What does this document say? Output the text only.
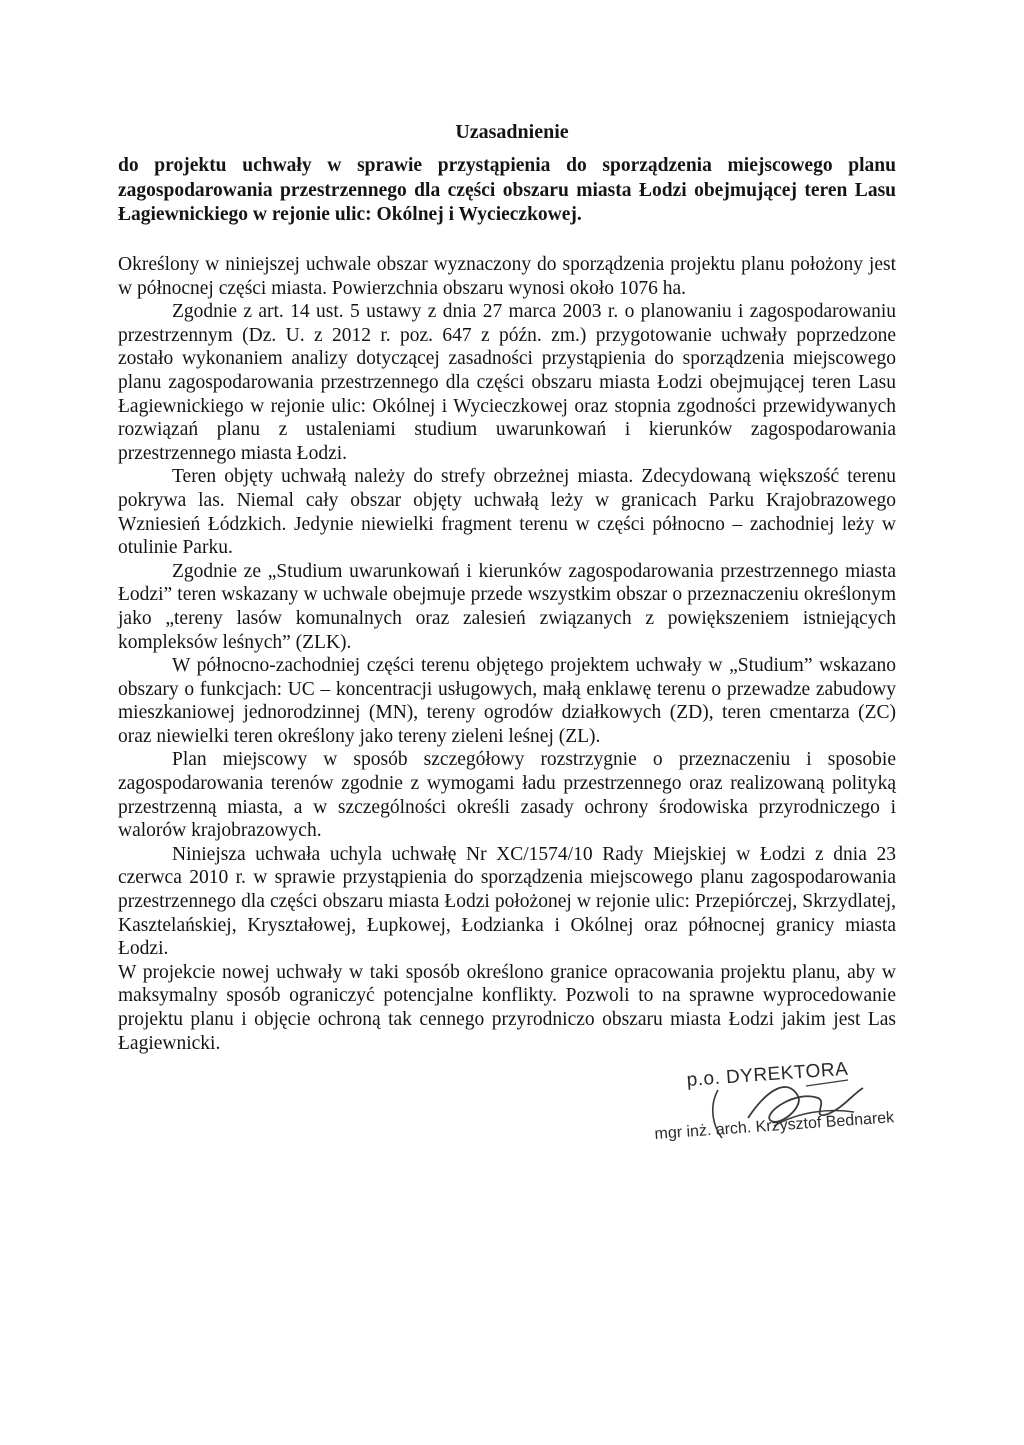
Uzasadnienie
do projektu uchwały w sprawie przystąpienia do sporządzenia miejscowego planu zagospodarowania przestrzennego dla części obszaru miasta Łodzi obejmującej teren Lasu Łagiewnickiego w rejonie ulic: Okólnej i Wycieczkowej.

Określony w niniejszej uchwale obszar wyznaczony do sporządzenia projektu planu położony jest w północnej części miasta. Powierzchnia obszaru wynosi około 1076 ha.

Zgodnie z art. 14 ust. 5 ustawy z dnia 27 marca 2003 r. o planowaniu i zagospodarowaniu przestrzennym (Dz. U. z 2012 r. poz. 647 z późn. zm.) przygotowanie uchwały poprzedzone zostało wykonaniem analizy dotyczącej zasadności przystąpienia do sporządzenia miejscowego planu zagospodarowania przestrzennego dla części obszaru miasta Łodzi obejmującej teren Lasu Łagiewnickiego w rejonie ulic: Okólnej i Wycieczkowej oraz stopnia zgodności przewidywanych rozwiązań planu z ustaleniami studium uwarunkowań i kierunków zagospodarowania przestrzennego miasta Łodzi.

Teren objęty uchwałą należy do strefy obrzeżnej miasta. Zdecydowaną większość terenu pokrywa las. Niemal cały obszar objęty uchwałą leży w granicach Parku Krajobrazowego Wzniesień Łódzkich. Jedynie niewielki fragment terenu w części północno – zachodniej leży w otulinie Parku.

Zgodnie ze „Studium uwarunkowań i kierunków zagospodarowania przestrzennego miasta Łodzi” teren wskazany w uchwale obejmuje przede wszystkim obszar o przeznaczeniu określonym jako „tereny lasów komunalnych oraz zalesień związanych z powiększeniem istniejących kompleksów leśnych” (ZLK).

W północno-zachodniej części terenu objętego projektem uchwały w „Studium” wskazano obszary o funkcjach: UC – koncentracji usługowych, małą enklawę terenu o przewadze zabudowy mieszkaniowej jednorodzinnej (MN), tereny ogrodów działkowych (ZD), teren cmentarza (ZC) oraz niewielki teren określony jako tereny zieleni leśnej (ZL).

Plan miejscowy w sposób szczegółowy rozstrzygnie o przeznaczeniu i sposobie zagospodarowania terenów zgodnie z wymogami ładu przestrzennego oraz realizowaną polityką przestrzenną miasta, a w szczególności określi zasady ochrony środowiska przyrodniczego i walorów krajobrazowych.

Niniejsza uchwała uchyla uchwałę Nr XC/1574/10 Rady Miejskiej w Łodzi z dnia 23 czerwca 2010 r. w sprawie przystąpienia do sporządzenia miejscowego planu zagospodarowania przestrzennego dla części obszaru miasta Łodzi położonej w rejonie ulic: Przepiórczej, Skrzydlatej, Kasztelańskiej, Kryształowej, Łupkowej, Łodzianka i Okólnej oraz północnej granicy miasta Łodzi.

W projekcie nowej uchwały w taki sposób określono granice opracowania projektu planu, aby w maksymalny sposób ograniczyć potencjalne konflikty. Pozwoli to na sprawne wyprocedowanie projektu planu i objęcie ochroną tak cennego przyrodniczo obszaru miasta Łodzi jakim jest Las Łagiewnicki.

p.o. DYREKTORA
mgr inż. arch. Krzysztof Bednarek
